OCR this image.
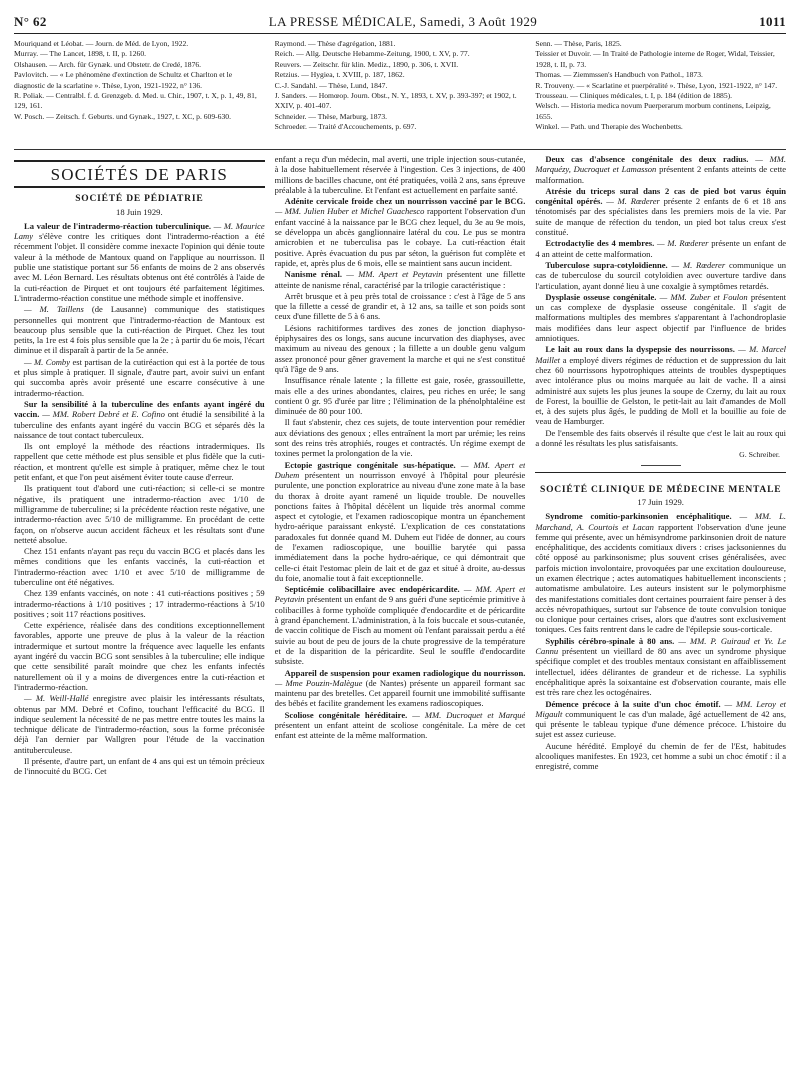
N° 62	LA PRESSE MÉDICALE, Samedi, 3 Août 1929	1011

Mouriquand et Léobat. — Journ. de Méd. de Lyon, 1922.

Murray. — The Lancet, 1898, t. II, p. 1260.

Olshausen. — Arch. für Gynæk. und Obstetr. de Credé, 1876.

Pavlovitch. — « Le phénomène d'extinction de Schultz et Charlton et le diagnostic de la scarlatine ». Thèse, Lyon, 1921-1922, n° 136.

R. Poliak. — Centralbl. f. d. Grenzgeb. d. Med. u. Chir., 1907, t. X, p. 1, 49, 81, 129, 161.

W. Posch. — Zeitsch. f. Geburts. und Gynæk., 1927, t. XC, p. 609-630.

Raymond. — Thèse d'agrégation, 1881.

Reich. — Allg. Deutsche Hebamme-Zeitung, 1900, t. XV, p. 77.

Reuvers. — Zeitschr. für klin. Mediz., 1890, p. 306, t. XVII.

Retzius. — Hygiea, t. XVIII, p. 187, 1862.

C.-J. Sandahl. — Thèse, Lund, 1847.

J. Sanders. — Homœop. Journ. Obst., N. Y., 1893, t. XV, p. 393-397; et 1902, t. XXIV, p. 401-407.

Schneider. — Thèse, Marburg, 1873.

Schroeder. — Traité d'Accouchements, p. 697.

Senn. — Thèse, Paris, 1825.

Teissier et Duvoir. — In Traité de Pathologie interne de Roger, Widal, Teissier, 1928, t. II, p. 73.

Thomas. — Ziemmssen's Handbuch von Pathol., 1873.

R. Trouveny. — « Scarlatine et puerpéralité ». Thèse, Lyon, 1921-1922, n° 147.

Trousseau. — Cliniques médicales, t. I, p. 184 (édition de 1885).

Welsch. — Historia medica novum Puerperarum morbum continens, Leipzig, 1655.

Winkel. — Path. und Therapie des Wochenbetts.

SOCIÉTÉS DE PARIS
SOCIÉTÉ DE PÉDIATRIE
18 Juin 1929.

La valeur de l'intradermo-réaction tuberculinique. — M. Maurice Lamy s'élève contre les critiques dont l'intradermo-réaction a été récemment l'objet. Il considère comme inexacte l'opinion qui dénie toute valeur à la méthode de Mantoux quand on l'applique au nourrisson. Il publie une statistique portant sur 56 enfants de moins de 2 ans observés avec M. Léon Bernard. Les résultats obtenus ont été contrôlés à l'aide de la cuti-réaction de Pirquet et ont toujours été parfaitement légitimes. L'intradermo-réaction constitue une méthode simple et inoffensive.

— M. Taillens (de Lausanne) communique des statistiques personnelles qui montrent que l'intradermo-réaction de Mantoux est beaucoup plus sensible que la cuti-réaction de Pirquet. Chez les tout petits, la 1re est 4 fois plus sensible que la 2e ; à partir du 6e mois, l'écart diminue et il disparaît à partir de la 5e année.

— M. Comby est partisan de la cutiréaction qui est à la portée de tous et plus simple à pratiquer. Il signale, d'autre part, avoir suivi un enfant qui succomba après avoir présenté une escarre consécutive à une intradermo-réaction.

Sur la sensibilité à la tuberculine des enfants ayant ingéré du vaccin. — MM. Robert Debré et E. Cofino ont étudié la sensibilité à la tuberculine des enfants ayant ingéré du vaccin BCG et séparés dès la naissance de tout contact tuberculeux.

Ils ont employé la méthode des réactions intradermiques. Ils rappellent que cette méthode est plus sensible et plus fidèle que la cuti-réaction, et montrent qu'elle est simple à pratiquer, même chez le tout petit enfant, et que l'on peut aisément éviter toute cause d'erreur.

Ils pratiquent tout d'abord une cuti-réaction; si celle-ci se montre négative, ils pratiquent une intradermo-réaction avec 1/10 de milligramme de tuberculine; si la précédente réaction reste négative, une intradermo-réaction avec 5/10 de milligramme. En procédant de cette façon, on n'observe aucun accident fâcheux et les résultats sont d'une netteté absolue.

Chez 151 enfants n'ayant pas reçu du vaccin BCG et placés dans les mêmes conditions que les enfants vaccinés, la cuti-réaction et l'intradermo-réaction avec 1/10 et avec 5/10 de milligramme de tuberculine ont été négatives.

Chez 139 enfants vaccinés, on note : 41 cuti-réactions positives ; 59 intradermo-réactions à 1/10 positives ; 17 intradermo-réactions à 5/10 positives ; soit 117 réactions positives.

Cette expérience, réalisée dans des conditions exceptionnellement favorables, apporte une preuve de plus à la valeur de la réaction intradermique et surtout montre la fréquence avec laquelle les enfants ayant ingéré du vaccin BCG sont sensibles à la tuberculine; elle indique que cette sensibilité paraît moindre que chez les enfants infectés naturellement où il y a moins de divergences entre la cuti-réaction et l'intradermo-réaction.

— M. Weill-Hallé enregistre avec plaisir les intéressants résultats, obtenus par MM. Debré et Cofino, touchant l'efficacité du BCG. Il indique seulement la nécessité de ne pas mettre entre toutes les mains la technique délicate de l'intradermo-réaction, sous la forme préconisée déjà l'an dernier par Wallgren pour l'étude de la vaccination antituberculeuse.

Il présente, d'autre part, un enfant de 4 ans qui est un témoin précieux de l'innocuité du BCG. Cet

enfant a reçu d'un médecin, mal averti, une triple injection sous-cutanée, à la dose habituellement réservée à l'ingestion. Ces 3 injections, de 400 millions de bacilles chacune, ont été pratiquées, voilà 2 ans, sans épreuve préalable à la tuberculine. Et l'enfant est actuellement en parfaite santé.

Adénite cervicale froide chez un nourrisson vacciné par le BCG. — MM. Julien Huber et Michel Guachesco rapportent l'observation d'un enfant vacciné à la naissance par le BCG chez lequel, du 3e au 9e mois, se développa un abcès ganglionnaire latéral du cou. Le pus se montra amicrobien et ne tuberculisa pas le cobaye. La cuti-réaction était positive. Après évacuation du pus par séton, la guérison fut complète et rapide, et, après plus de 6 mois, elle se maintient sans aucun incident.

Nanisme rénal. — MM. Apert et Peytavin présentent une fillette atteinte de nanisme rénal, caractérisé par la trilogie caractéristique :

Arrêt brusque et à peu près total de croissance : c'est à l'âge de 5 ans que la fillette a cessé de grandir et, à 12 ans, sa taille et son poids sont ceux d'une fillette de 5 à 6 ans.

Lésions rachitiformes tardives des zones de jonction diaphyso-épiphysaires des os longs, sans aucune incurvation des diaphyses, avec maximum au niveau des genoux ; la fillette a un double genu valgum assez prononcé pour gêner gravement la marche et qui ne s'est constitué qu'à l'âge de 9 ans.

Insuffisance rénale latente ; la fillette est gaie, rosée, grassouillette, mais elle a des urines abondantes, claires, peu riches en urée; le sang contient 0 gr. 95 d'urée par litre ; l'élimination de la phénolphtaléine est diminuée de 80 pour 100.

Il faut s'abstenir, chez ces sujets, de toute intervention pour remédier aux déviations des genoux ; elles entraînent la mort par urémie; les reins sont des reins très atrophiés, rouges et contractés. Un régime exempt de toxines permet la prolongation de la vie.

Ectopie gastrique congénitale sus-hépatique. — MM. Apert et Duhem présentent un nourrisson envoyé à l'hôpital pour pleurésie purulente, une ponction exploratrice au niveau d'une zone mate à la base du thorax à droite ayant ramené un liquide trouble. De nouvelles ponctions faites à l'hôpital décèlent un liquide très anormal comme aspect et cytologie, et l'examen radioscopique montra un épanchement hydro-aérique paraissant enkysté. L'explication de ces constatations paradoxales fut donnée quand M. Duhem eut l'idée de donner, au cours de l'examen radioscopique, une bouillie barytée qui passa immédiatement dans la poche hydro-aérique, ce qui démontrait que celle-ci était l'estomac plein de lait et de gaz et situé à droite, au-dessus du foie, anomalie tout à fait exceptionnelle.

Septicémie colibacillaire avec endopéricardite. — MM. Apert et Peytavin présentent un enfant de 9 ans guéri d'une septicémie primitive à colibacilles à forme typhoïde compliquée d'endocardite et de péricardite à grand épanchement. L'administration, à la fois buccale et sous-cutanée, de vaccin colitique de Fisch au moment où l'enfant paraissait perdu a été suivie au bout de peu de jours de la chute progressive de la température et de la disparition de la péricardite. Seul le souffle d'endocardite subsiste.

Appareil de suspension pour examen radiologique du nourrisson. — Mme Pouzin-Malègue (de Nantes) présente un appareil formant sac maintenu par des bretelles. Cet appareil fournit une immobilité suffisante des bébés et facilite grandement les examens radioscopiques.

Scoliose congénitale héréditaire. — MM. Ducroquet et Marqué présentent un enfant atteint de scoliose congénitale. La mère de cet enfant est atteinte de la même malformation.

Deux cas d'absence congénitale des deux radius. — MM. Marquézy, Ducroquet et Lamasson présentent 2 enfants atteints de cette malformation.

Atrésie du triceps sural dans 2 cas de pied bot varus équin congénital opérés. — M. Rœderer présente 2 enfants de 6 et 18 ans ténotomisés par des spécialistes dans les premiers mois de la vie. Par suite de manque de réfection du tendon, un pied bot talus creux s'est constitué.

Ectrodactylie des 4 membres. — M. Rœderer présente un enfant de 4 an atteint de cette malformation.

Tuberculose supra-cotyloïdienne. — M. Rœderer communique un cas de tuberculose du sourcil cotyloïdien avec ouverture tardive dans l'articulation, ayant donné lieu à une coxalgie à symptômes retardés.

Dysplasie osseuse congénitale. — MM. Zuber et Foulon présentent un cas complexe de dysplasie osseuse congénitale. Il s'agit de malformations multiples des membres s'apparentant à l'achondroplasie mais modifiées dans leur aspect objectif par l'influence de brides amniotiques.

Le lait au roux dans la dyspepsie des nourrissons. — M. Marcel Maillet a employé divers régimes de réduction et de suppression du lait chez 60 nourrissons hypotrophiques atteints de troubles dyspeptiques avec intolérance plus ou moins marquée au lait de vache. Il a ainsi administré aux sujets les plus jeunes la soupe de Czerny, du lait au roux de Forest, la bouillie de Gelston, le petit-lait au lait d'amandes de Moll et, à des sujets plus âgés, le pudding de Moll et la bouillie au foie de veau de Hamburger.

De l'ensemble des faits observés il résulte que c'est le lait au roux qui a donné les résultats les plus satisfaisants.

G. Schreiber.
SOCIÉTÉ CLINIQUE DE MÉDECINE MENTALE
17 Juin 1929.

Syndrome comitio-parkinsonien encéphalitique. — MM. L. Marchand, A. Courtois et Lacan rapportent l'observation d'une jeune femme qui présente, avec un hémisyndrome parkinsonien droit de nature encéphalitique, des accidents comitiaux divers : crises jacksoniennes du côté opposé au parkinsonisme; plus souvent crises généralisées, avec parfois miction involontaire, provoquées par une excitation douloureuse, un examen électrique ; actes automatiques habituellement inconscients ; automatisme ambulatoire. Les auteurs insistent sur le polymorphisme des manifestations comitiales dont certaines pourraient faire penser à des accès névropathiques, surtout sur l'absence de toute convulsion tonique ou clonique pour certaines crises, alors que d'autres sont exclusivement toniques. Ces faits rentrent dans le cadre de l'épilepsie sous-corticale.

Syphilis cérébro-spinale à 80 ans. — MM. P. Guiraud et Yv. Le Cannu présentent un vieillard de 80 ans avec un syndrome physique spécifique complet et des troubles mentaux consistant en affaiblissement intellectuel, idées délirantes de grandeur et de richesse. La syphilis encéphalitique après la soixantaine est d'observation courante, mais elle est très rare chez les octogénaires.

Démence précoce à la suite d'un choc émotif. — MM. Leroy et Migault communiquent le cas d'un malade, âgé actuellement de 42 ans, qui présente le tableau typique d'une démence précoce. L'histoire du sujet est assez curieuse.

Aucune hérédité. Employé du chemin de fer de l'Est, habitudes alcooliques manifestes. En 1923, cet homme a subi un choc émotif : il a enregistré, comme
